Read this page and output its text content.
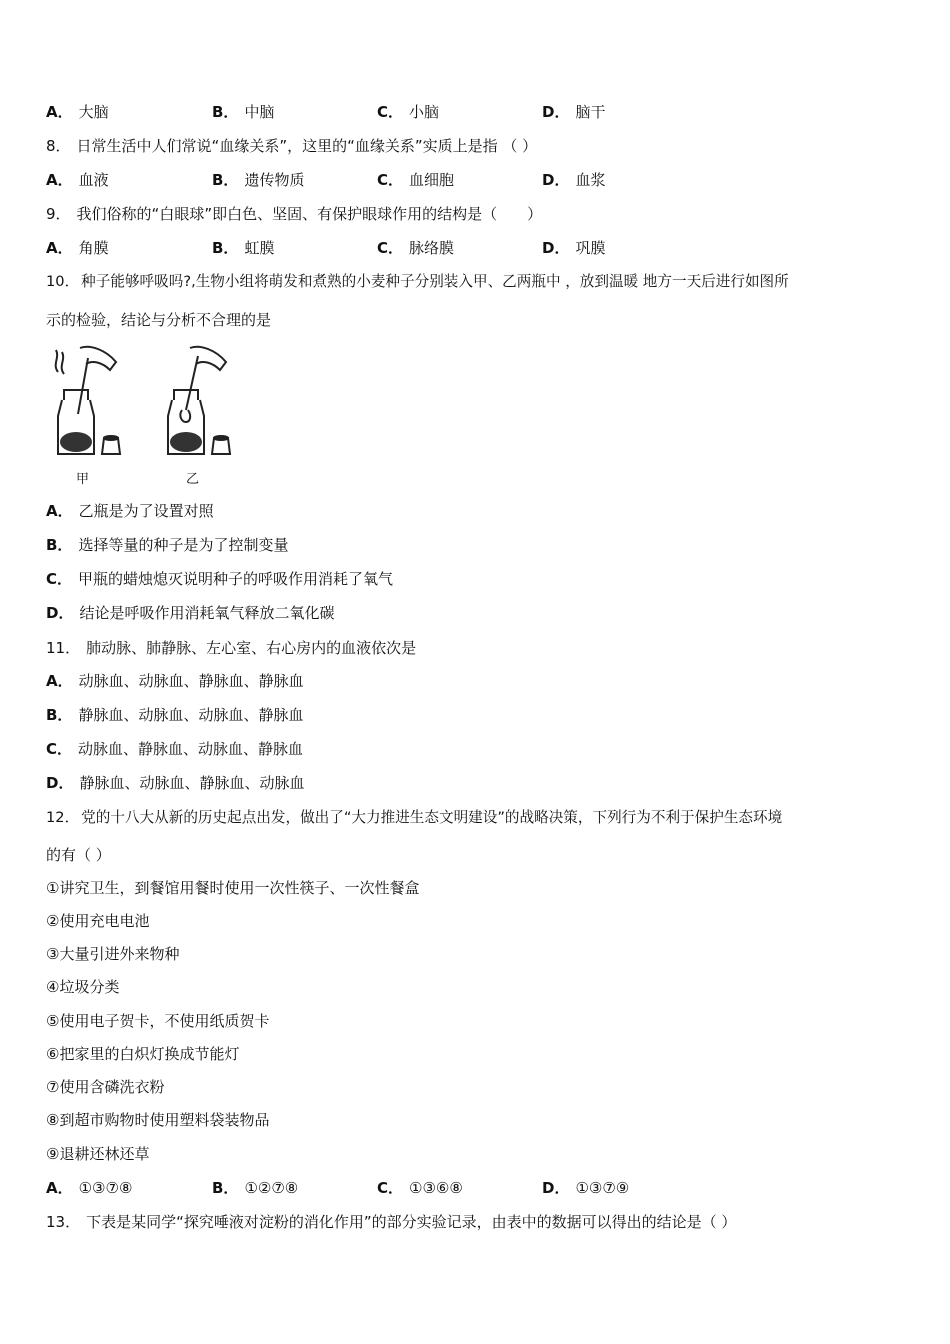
A． 大脑	B． 中脑	C． 小脑	D． 脑干
8． 日常生活中人们常说“血缘关系”，这里的“血缘关系”实质上是指 （ ）
A． 血液	B． 遗传物质	C． 血细胞	D． 血浆
9． 我们俗称的“白眼球”即白色、坚固、有保护眼球作用的结构是（　　）
A． 角膜	B． 虹膜	C． 脉络膜	D． 巩膜
10． 种子能够呼吸吗?,生物小组将萌发和煮熟的小麦种子分别装入甲、乙两瓶中 ，放到温暖 地方一天后进行如图所
示的检验，结论与分析不合理的是
甲	乙
A． 乙瓶是为了设置对照
B． 选择等量的种子是为了控制变量
C． 甲瓶的蜡烛熄灭说明种子的呼吸作用消耗了氧气
D． 结论是呼吸作用消耗氧气释放二氧化碳
11． 肺动脉、肺静脉、左心室、右心房内的血液依次是
A． 动脉血、动脉血、静脉血、静脉血
B． 静脉血、动脉血、动脉血、静脉血
C． 动脉血、静脉血、动脉血、静脉血
D． 静脉血、动脉血、静脉血、动脉血
12． 党的十八大从新的历史起点出发，做出了“大力推进生态文明建设”的战略决策，下列行为不利于保护生态环境
的有（ ）
①讲究卫生，到餐馆用餐时使用一次性筷子、一次性餐盒
②使用充电电池
③大量引进外来物种
④垃圾分类
⑤使用电子贺卡，不使用纸质贺卡
⑥把家里的白炽灯换成节能灯
⑦使用含磷洗衣粉
⑧到超市购物时使用塑料袋装物品
⑨退耕还林还草
A． ①③⑦⑧	B． ①②⑦⑧	C． ①③⑥⑧	D． ①③⑦⑨
13． 下表是某同学“探究唾液对淀粉的消化作用”的部分实验记录，由表中的数据可以得出的结论是（ ）
